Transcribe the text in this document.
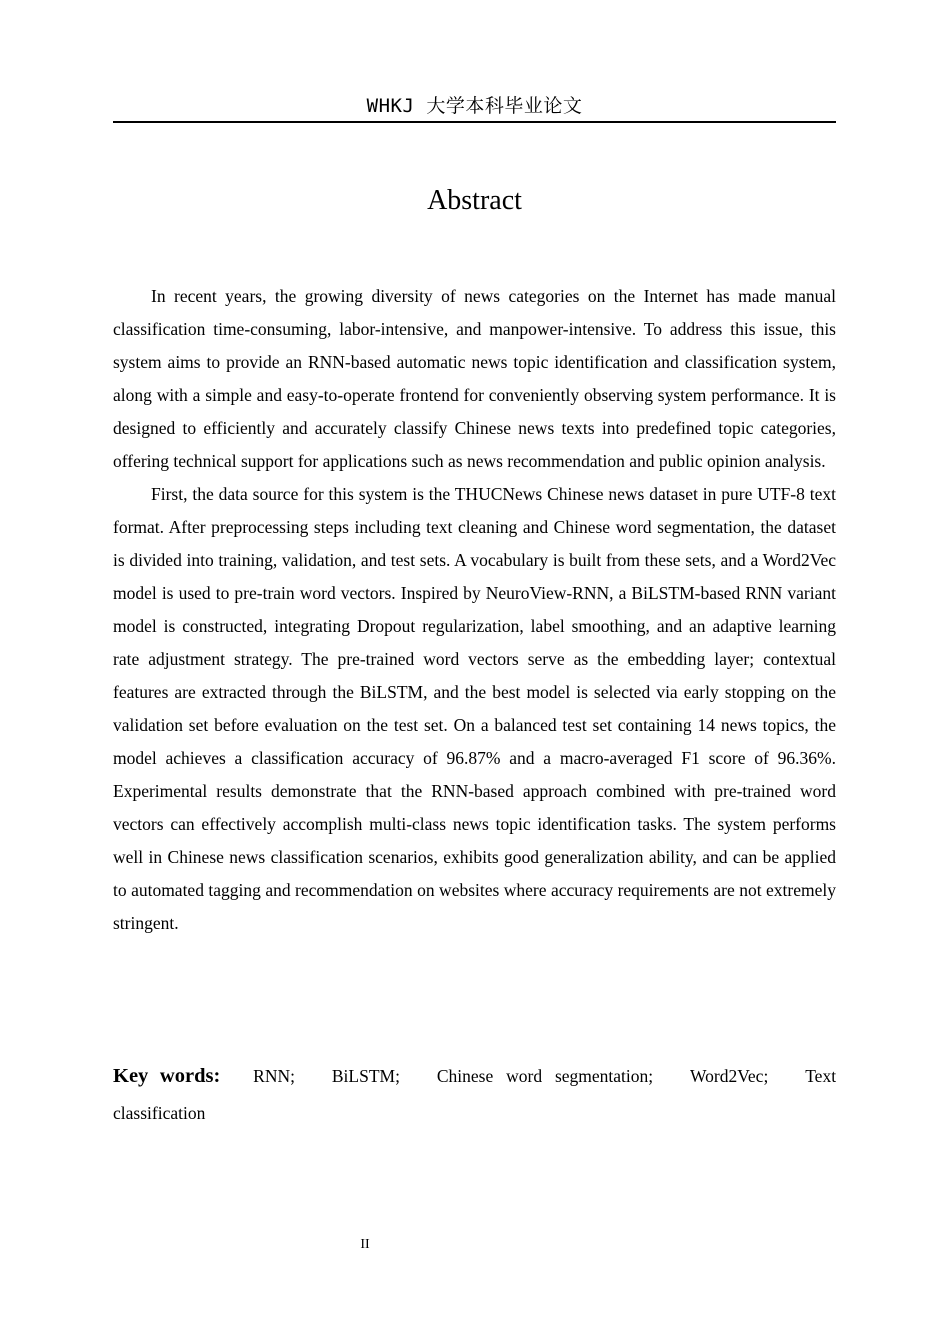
WHKJ 大学本科毕业论文
Abstract

In recent years, the growing diversity of news categories on the Internet has made manual classification time-consuming, labor-intensive, and manpower-intensive. To address this issue, this system aims to provide an RNN-based automatic news topic identification and classification system, along with a simple and easy-to-operate frontend for conveniently observing system performance. It is designed to efficiently and accurately classify Chinese news texts into predefined topic categories, offering technical support for applications such as news recommendation and public opinion analysis.

First, the data source for this system is the THUCNews Chinese news dataset in pure UTF-8 text format. After preprocessing steps including text cleaning and Chinese word segmentation, the dataset is divided into training, validation, and test sets. A vocabulary is built from these sets, and a Word2Vec model is used to pre-train word vectors. Inspired by NeuroView-RNN, a BiLSTM-based RNN variant model is constructed, integrating Dropout regularization, label smoothing, and an adaptive learning rate adjustment strategy. The pre-trained word vectors serve as the embedding layer; contextual features are extracted through the BiLSTM, and the best model is selected via early stopping on the validation set before evaluation on the test set. On a balanced test set containing 14 news topics, the model achieves a classification accuracy of 96.87% and a macro-averaged F1 score of 96.36%. Experimental results demonstrate that the RNN-based approach combined with pre-trained word vectors can effectively accomplish multi-class news topic identification tasks. The system performs well in Chinese news classification scenarios, exhibits good generalization ability, and can be applied to automated tagging and recommendation on websites where accuracy requirements are not extremely stringent.

Key words: RNN; BiLSTM; Chinese word segmentation; Word2Vec; Text classification
II
